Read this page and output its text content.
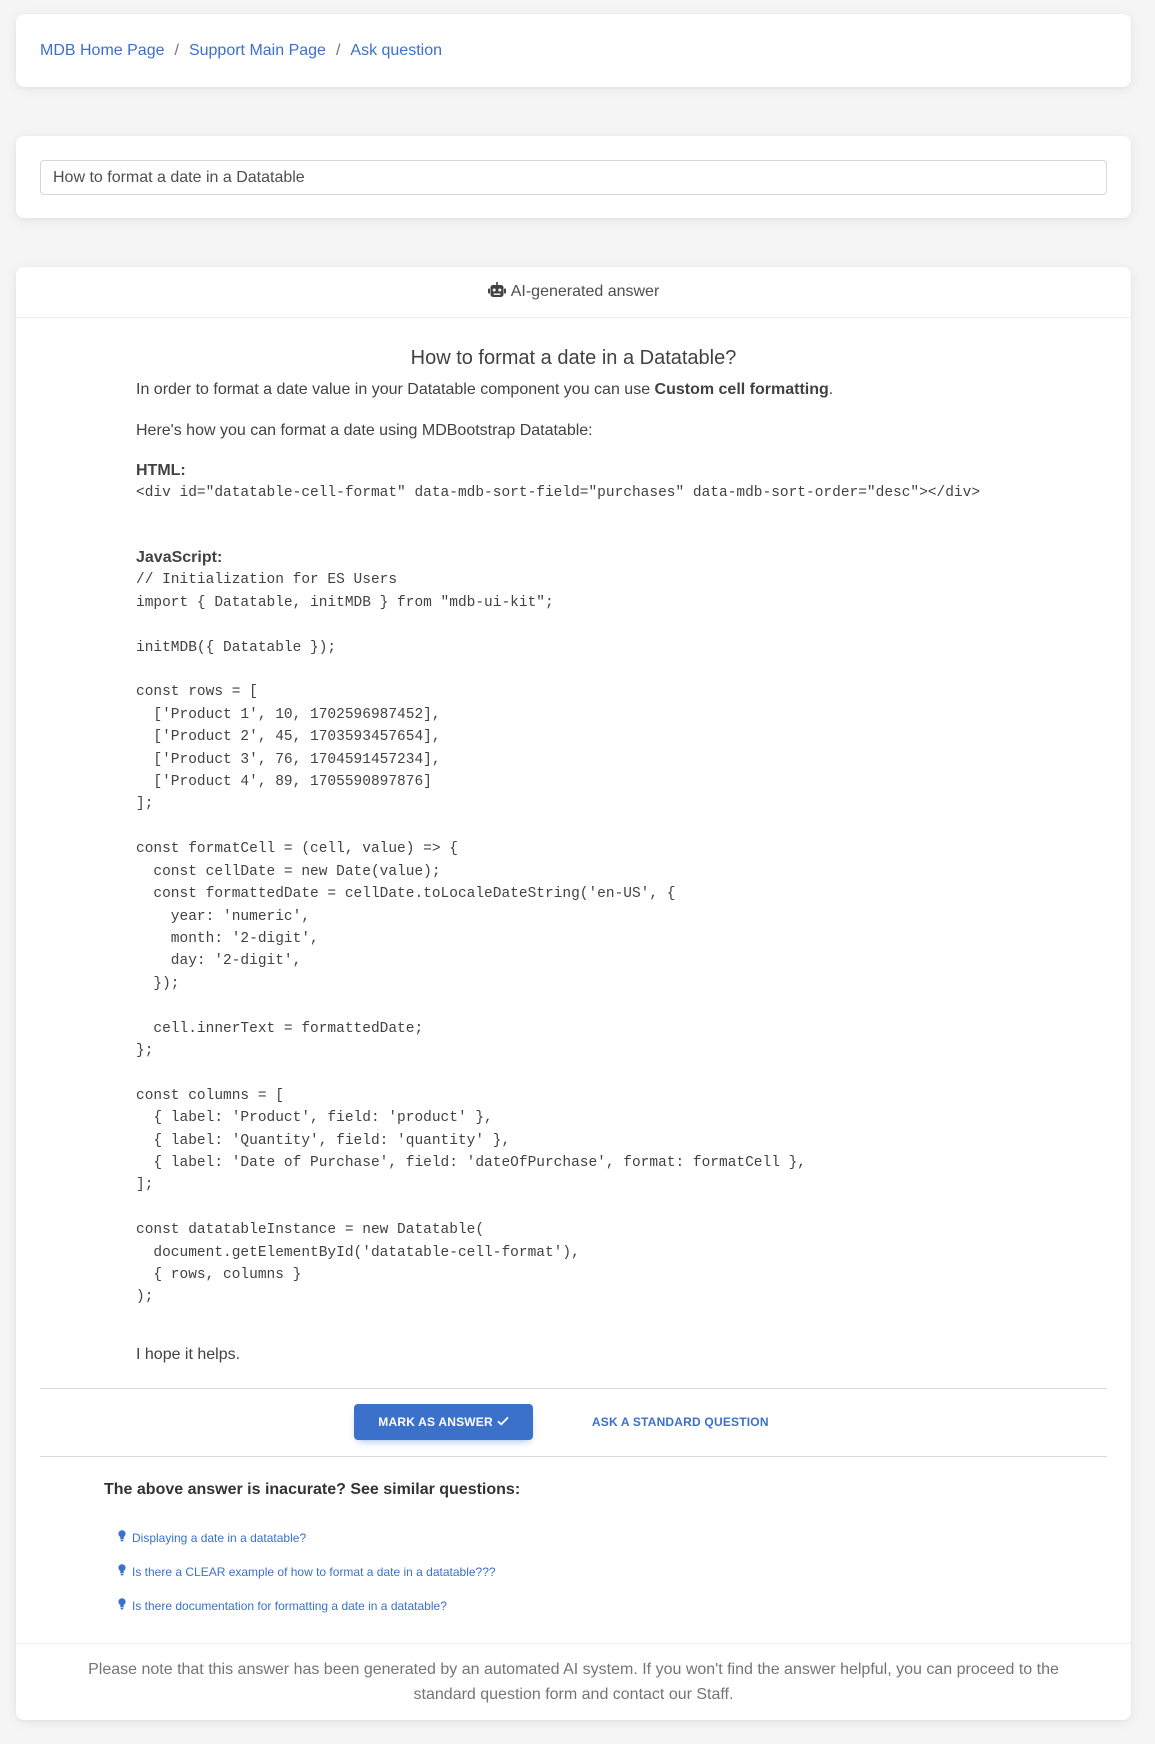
MDB Home Page / Support Main Page / Ask question
How to format a date in a Datatable
AI-generated answer
How to format a date in a Datatable?

In order to format a date value in your Datatable component you can use Custom cell formatting.

Here's how you can format a date using MDBootstrap Datatable:

HTML:
<div id="datatable-cell-format" data-mdb-sort-field="purchases" data-mdb-sort-order="desc"></div>
JavaScript:
// Initialization for ES Users
import { Datatable, initMDB } from "mdb-ui-kit";

initMDB({ Datatable });

const rows = [
['Product 1', 10, 1702596987452],
['Product 2', 45, 1703593457654],
['Product 3', 76, 1704591457234],
['Product 4', 89, 1705590897876]
];

const formatCell = (cell, value) => {
const cellDate = new Date(value);
const formattedDate = cellDate.toLocaleDateString('en-US', {
year: 'numeric',
month: '2-digit',
day: '2-digit',
});

cell.innerText = formattedDate;
};

const columns = [
{ label: 'Product', field: 'product' },
{ label: 'Quantity', field: 'quantity' },
{ label: 'Date of Purchase', field: 'dateOfPurchase', format: formatCell },
];

const datatableInstance = new Datatable(
document.getElementById('datatable-cell-format'),
{ rows, columns }
);

I hope it helps.

MARK AS ANSWER	ASK A STANDARD QUESTION
The above answer is inacurate? See similar questions:
Displaying a date in a datatable?
Is there a CLEAR example of how to format a date in a datatable???
Is there documentation for formatting a date in a datatable?

Please note that this answer has been generated by an automated AI system. If you won't find the answer helpful, you can proceed to the standard question form and contact our Staff.
